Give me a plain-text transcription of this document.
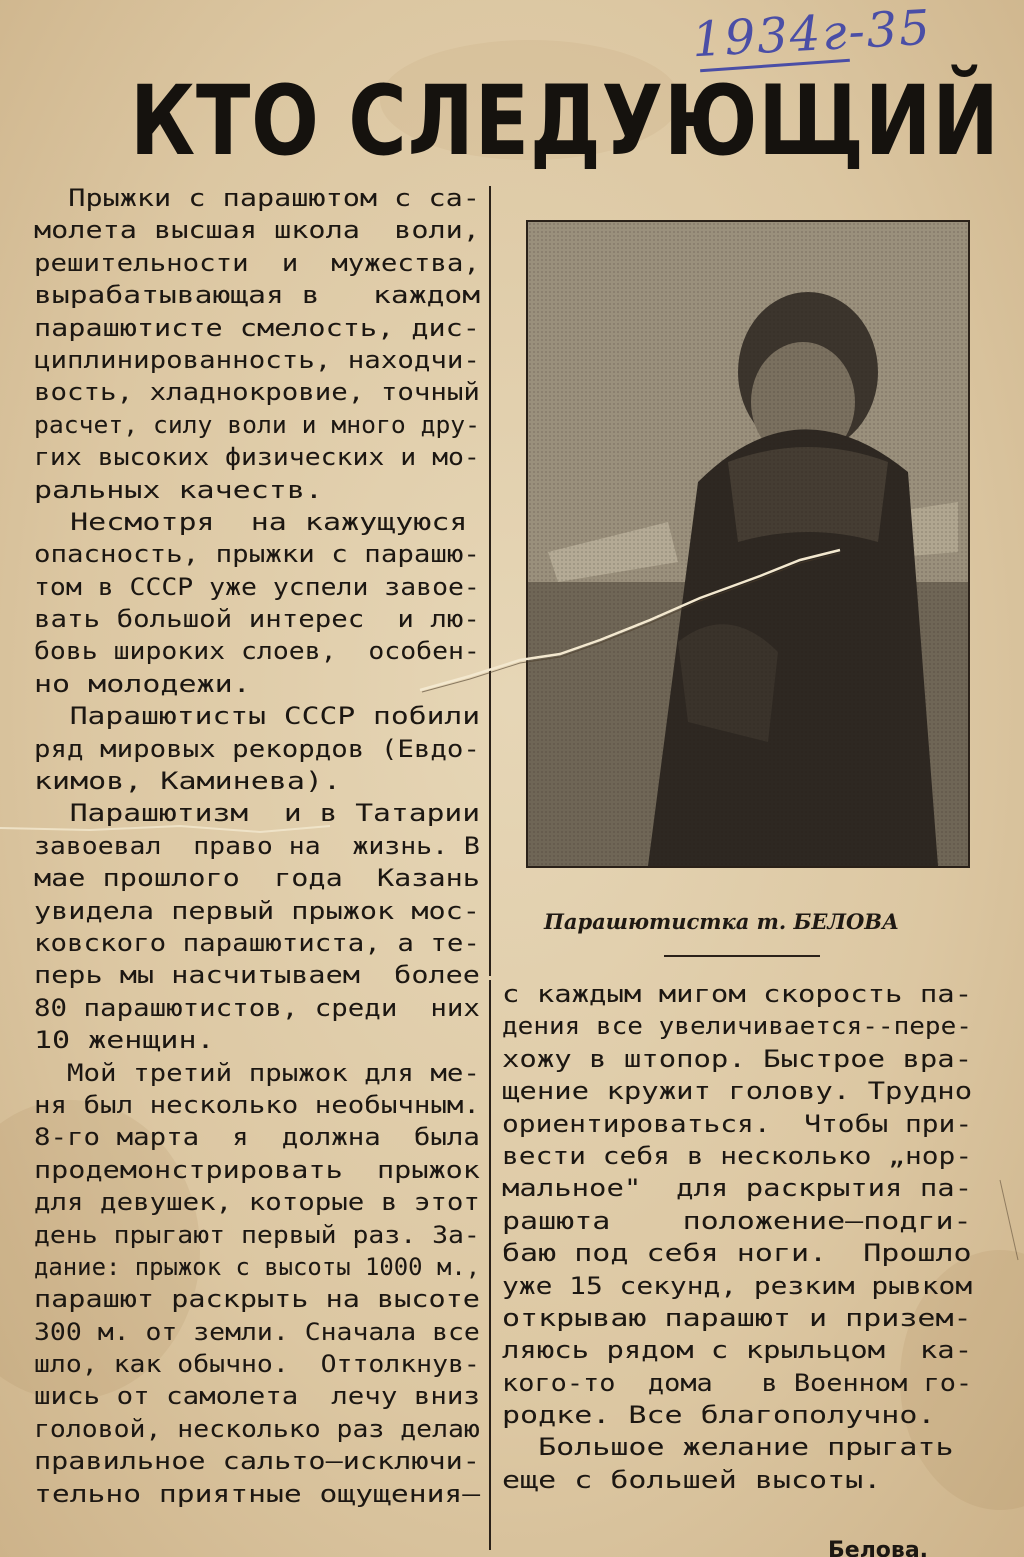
1934г-35
КТО СЛЕДУЮЩИЙ
Прыжки с парашютом с са-
молета высшая школа  воли,
решительности  и  мужества,
вырабатывающая в   каждом
парашютисте смелость, дис-
циплинированность, находчи-
вость, хладнокровие, точный
расчет, силу воли и много дру-
гих высоких физических и мо-
ральных качеств.
Несмотря  на кажущуюся
опасность, прыжки с парашю-
том в СССР уже успели завое-
вать большой интерес  и лю-
бовь широких слоев,  особен-
но молодежи.
Парашютисты СССР побили
ряд мировых рекордов (Евдо-
кимов, Каминева).
Парашютизм  и в Татарии
завоевал  право на  жизнь. В
мае прошлого  года  Казань
увидела первый прыжок мос-
ковского парашютиста, а те-
перь мы насчитываем  более
80 парашютистов, среди  них
10 женщин.
Мой третий прыжок для ме-
ня был несколько необычным.
8-го марта  я  должна  была
продемонстрировать  прыжок
для девушек, которые в этот
день прыгают первый раз. За-
дание: прыжок с высоты 1000 м.,
парашют раскрыть на высоте
300 м. от земли. Сначала все
шло, как обычно.  Оттолкнув-
шись от самолета  лечу вниз
головой, несколько раз делаю
правильное сальто—исключи-
тельно приятные ощущения—
Парашютистка т. БЕЛОВА
с каждым мигом скорость па-
дения все увеличивается--пере-
хожу в штопор. Быстрое вра-
щение кружит голову. Трудно
ориентироваться.  Чтобы при-
вести себя в несколько „нор-
мальное"  для раскрытия па-
рашюта    положение—подги-
баю под себя ноги.  Прошло
уже 15 секунд, резким рывком
открываю парашют и призем-
ляюсь рядом с крыльцом  ка-
кого-то  дома   в Военном го-
родке. Все благополучно.
Большое желание прыгать
еще с большей высоты.
Белова.
